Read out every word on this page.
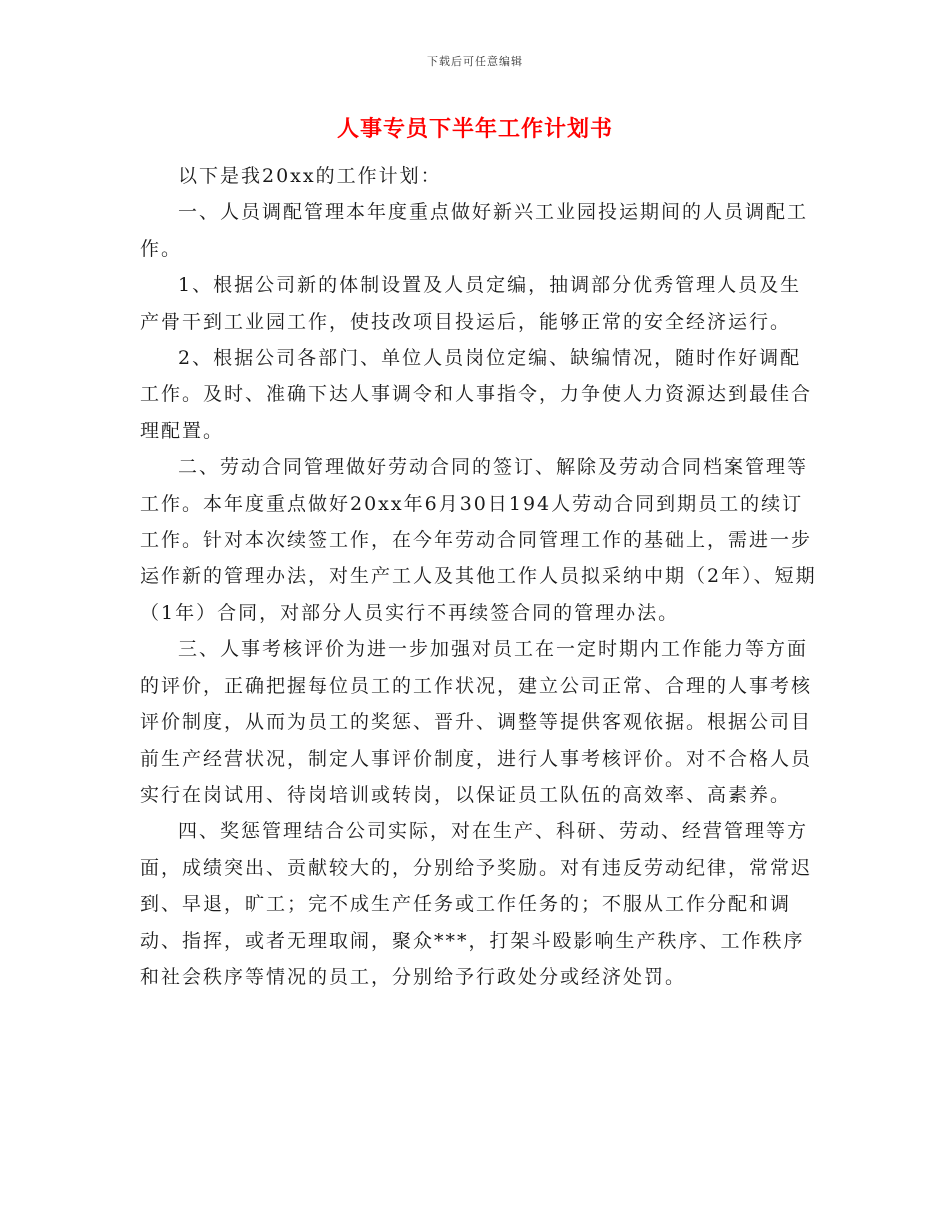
下载后可任意编辑
人事专员下半年工作计划书

以下是我20xx的工作计划：

一、人员调配管理本年度重点做好新兴工业园投运期间的人员调配工作。

1、根据公司新的体制设置及人员定编，抽调部分优秀管理人员及生产骨干到工业园工作，使技改项目投运后，能够正常的安全经济运行。

2、根据公司各部门、单位人员岗位定编、缺编情况，随时作好调配工作。及时、准确下达人事调令和人事指令，力争使人力资源达到最佳合理配置。

二、劳动合同管理做好劳动合同的签订、解除及劳动合同档案管理等工作。本年度重点做好20xx年6月30日194人劳动合同到期员工的续订工作。针对本次续签工作，在今年劳动合同管理工作的基础上，需进一步运作新的管理办法，对生产工人及其他工作人员拟采纳中期（2年）、短期（1年）合同，对部分人员实行不再续签合同的管理办法。

三、人事考核评价为进一步加强对员工在一定时期内工作能力等方面的评价，正确把握每位员工的工作状况，建立公司正常、合理的人事考核评价制度，从而为员工的奖惩、晋升、调整等提供客观依据。根据公司目前生产经营状况，制定人事评价制度，进行人事考核评价。对不合格人员实行在岗试用、待岗培训或转岗，以保证员工队伍的高效率、高素养。

四、奖惩管理结合公司实际，对在生产、科研、劳动、经营管理等方面，成绩突出、贡献较大的，分别给予奖励。对有违反劳动纪律，常常迟到、早退，旷工；完不成生产任务或工作任务的；不服从工作分配和调动、指挥，或者无理取闹，聚众***，打架斗殴影响生产秩序、工作秩序和社会秩序等情况的员工，分别给予行政处分或经济处罚。
